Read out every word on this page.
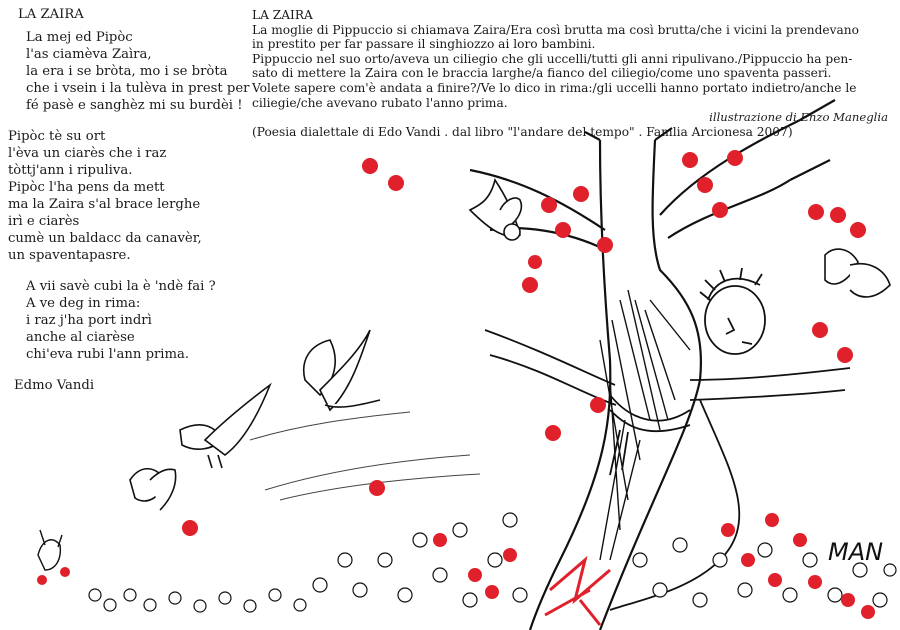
LA ZAIRA
La mej ed Pipòc
l'as ciamèva Zaìra,
la era i se bròta, mo i se bròta
che i vsein i la tulèva in prest per
fé pasè e sanghèz mi su burdèi !
Pipòc tè su ort
l'èva un ciarès che i raz
tòttj'ann i ripuliva.
Pipòc l'ha pens da mett
ma la Zaira s'al brace lerghe
irì e ciarès
cumè un baldacc da canavèr,
un spaventapasre.
A vii savè cubi la è 'ndè fai ?
A ve deg in rima:
i raz j'ha port indrì
anche al ciarèse
chi'eva rubi l'ann prima.
Edmo Vandi
LA ZAIRA
La moglie di Pippuccio si chiamava Zaira/Era così brutta ma così brutta/che i vicini la prendevano
in prestito per far passare il singhiozzo ai loro bambini.
Pippuccio nel suo orto/aveva un ciliegio che gli uccelli/tutti gli anni ripulivano./Pippuccio ha pen-
sato di mettere la Zaira con le braccia larghe/a fianco del ciliegio/come uno spaventa passeri.
Volete sapere com'è andata a finire?/Ve lo dico in rima:/gli uccelli hanno portato indietro/anche le
ciliegie/che avevano rubato l'anno prima.
illustrazione di Enzo Maneglia
(Poesia dialettale di Edo Vandi . dal libro "l'andare del tempo" . Famlia Arcionesa 2007)
MAN
